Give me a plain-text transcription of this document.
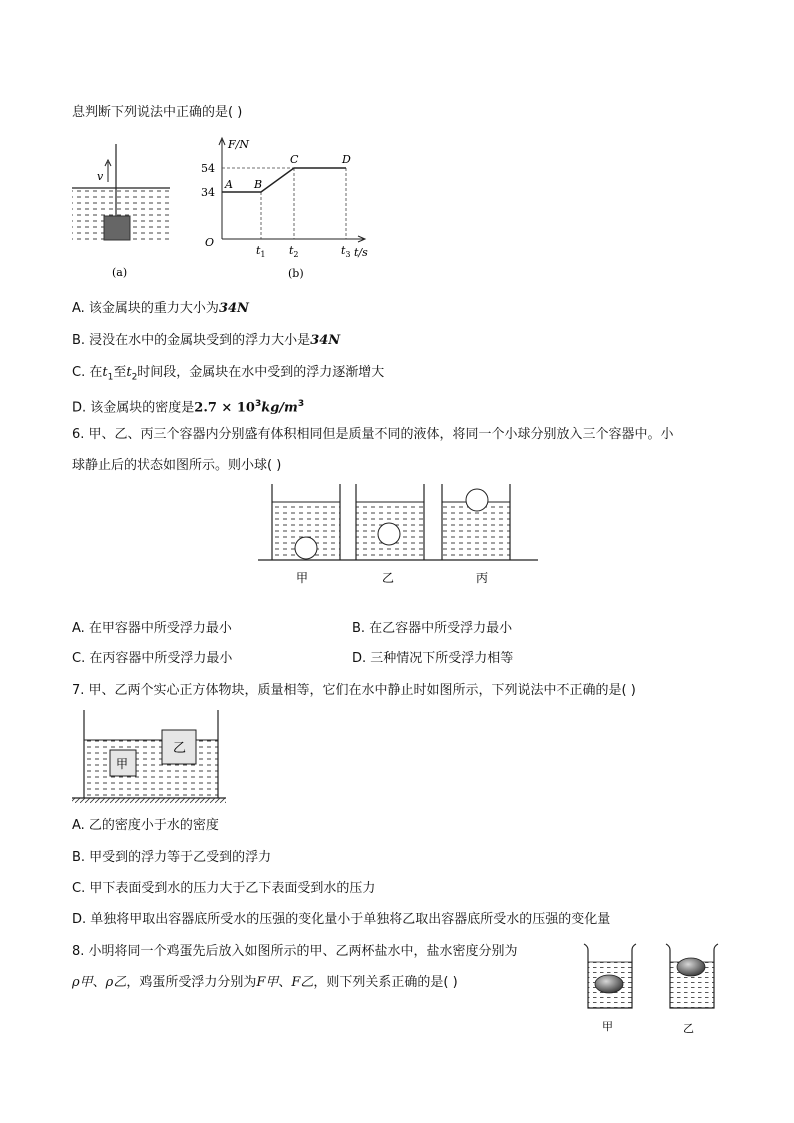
息判断下列说法中正确的是( )
v
(a)
F/N
54
34
O
A B
C	D
$t_1$ $t_2$	$t_3$ t/s
(b)
A. 该金属块的重力大小为34N
B. 浸没在水中的金属块受到的浮力大小是34N
C. 在$t_1$至$t_2$时间段，金属块在水中受到的浮力逐渐增大
D. 该金属块的密度是$2.7 \times 10^3kg/m^3$
6. 甲、乙、丙三个容器内分别盛有体积相同但是质量不同的液体，将同一个小球分别放入三个容器中。小
球静止后的状态如图所示。则小球( )
甲	乙	丙
A. 在甲容器中所受浮力最小	B. 在乙容器中所受浮力最小
C. 在丙容器中所受浮力最小	D. 三种情况下所受浮力相等
7. 甲、乙两个实心正方体物块，质量相等，它们在水中静止时如图所示，下列说法中不正确的是( )
甲
乙
A. 乙的密度小于水的密度
B. 甲受到的浮力等于乙受到的浮力
C. 甲下表面受到水的压力大于乙下表面受到水的压力
D. 单独将甲取出容器底所受水的压强的变化量小于单独将乙取出容器底所受水的压强的变化量
8. 小明将同一个鸡蛋先后放入如图所示的甲、乙两杯盐水中，盐水密度分别为
ρ甲、ρ乙，鸡蛋所受浮力分别为F甲、F乙，则下列关系正确的是( )
甲	乙
